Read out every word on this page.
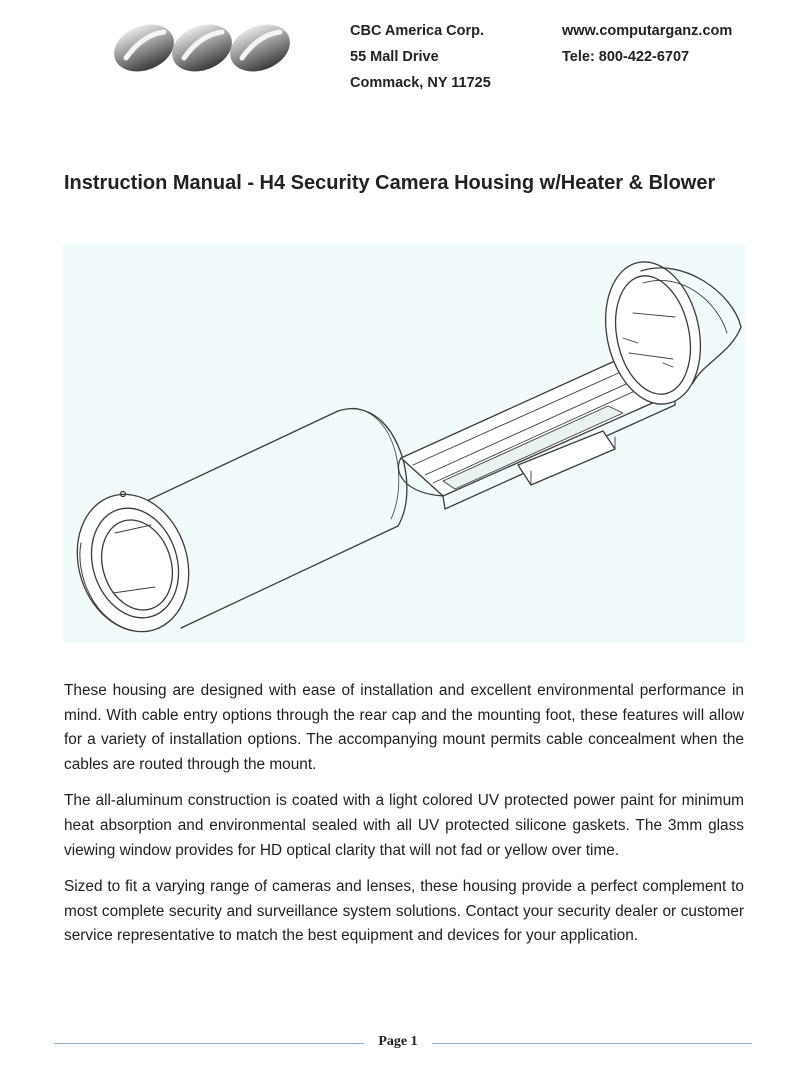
CBC America Corp.
55 Mall Drive
Commack, NY 11725
www.computarganz.com
Tele: 800-422-6707
Instruction Manual - H4 Security Camera Housing w/Heater & Blower

These housing are designed with ease of installation and excellent environmental performance in mind. With cable entry options through the rear cap and the mounting foot, these features will allow for a variety of installation options. The accompanying mount permits cable concealment when the cables are routed through the mount.

The all-aluminum construction is coated with a light colored UV protected power paint for minimum heat absorption and environmental sealed with all UV protected silicone gaskets. The 3mm glass viewing window provides for HD optical clarity that will not fad or yellow over time.

Sized to fit a varying range of cameras and lenses, these housing provide a perfect complement to most complete security and surveillance system solutions. Contact your security dealer or customer service representative to match the best equipment and devices for your application.

Page 1
